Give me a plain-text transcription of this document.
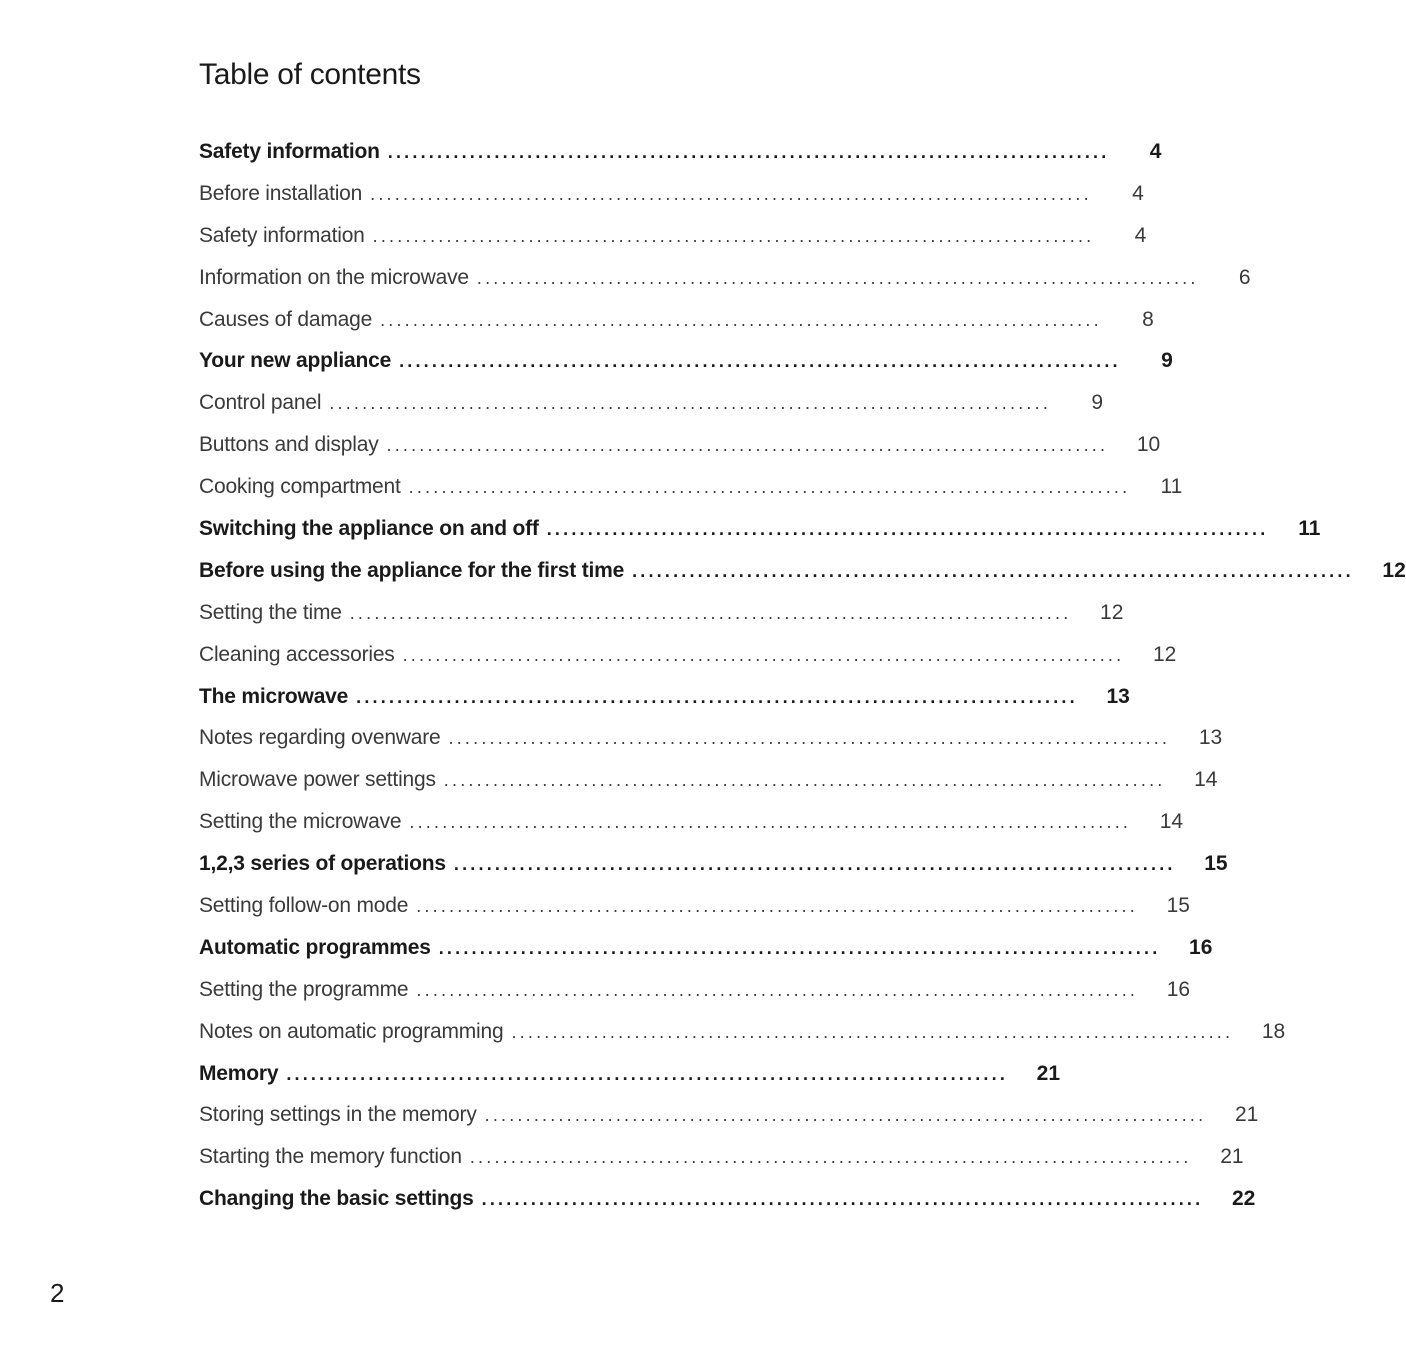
Table of contents
Safety information ........................................................................................	4
Before installation ........................................................................................	4
Safety information ........................................................................................	4
Information on the microwave ........................................................................................	6
Causes of damage ........................................................................................	8
Your new appliance ........................................................................................	9
Control panel ........................................................................................	9
Buttons and display ........................................................................................	10
Cooking compartment ........................................................................................	11
Switching the appliance on and off ........................................................................................	11
Before using the appliance for the first time ........................................................................................	12
Setting the time ........................................................................................	12
Cleaning accessories ........................................................................................	12
The microwave ........................................................................................	13
Notes regarding ovenware ........................................................................................	13
Microwave power settings ........................................................................................	14
Setting the microwave ........................................................................................	14
1,2,3 series of operations ........................................................................................	15
Setting follow-on mode ........................................................................................	15
Automatic programmes ........................................................................................	16
Setting the programme ........................................................................................	16
Notes on automatic programming ........................................................................................	18
Memory ........................................................................................	21
Storing settings in the memory ........................................................................................	21
Starting the memory function ........................................................................................	21
Changing the basic settings ........................................................................................	22
2
